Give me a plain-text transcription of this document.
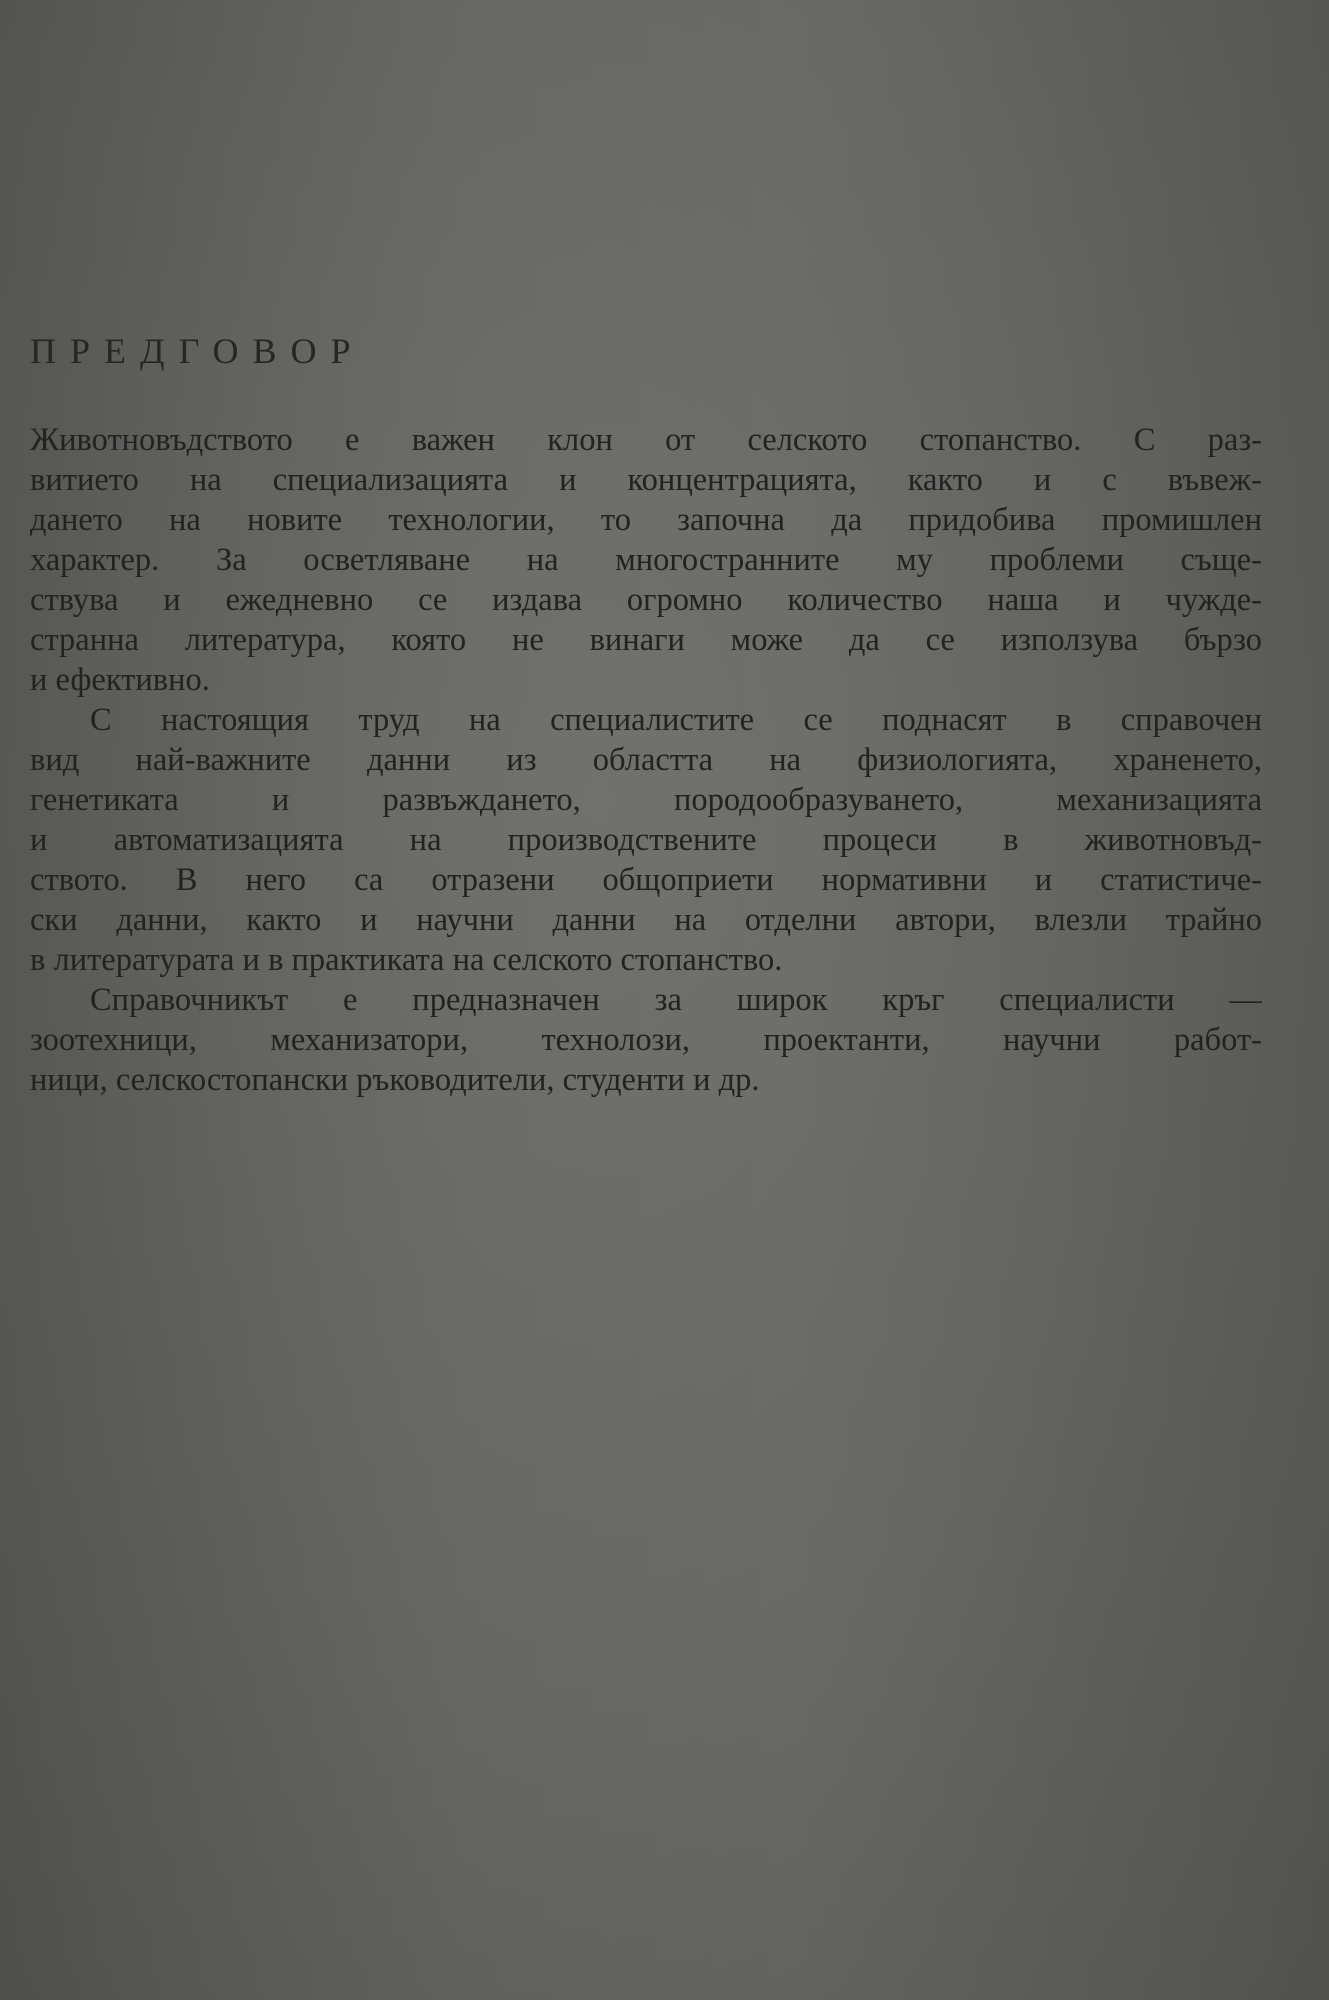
ПРЕДГОВОР
Животновъдството е важен клон от селското стопанство. С раз-
витието на специализацията и концентрацията, както и с въвеж-
дането на новите технологии, то започна да придобива промишлен
характер. За осветляване на многостранните му проблеми съще-
ствува и ежедневно се издава огромно количество наша и чужде-
странна литература, която не винаги може да се използува бързо
и ефективно.
С настоящия труд на специалистите се поднасят в справочен
вид най-важните данни из областта на физиологията, храненето,
генетиката и развъждането, породообразуването, механизацията
и автоматизацията на производствените процеси в животновъд-
ството. В него са отразени общоприети нормативни и статистиче-
ски данни, както и научни данни на отделни автори, влезли трайно
в литературата и в практиката на селското стопанство.
Справочникът е предназначен за широк кръг специалисти —
зоотехници, механизатори, технолози, проектанти, научни работ-
ници, селскостопански ръководители, студенти и др.
